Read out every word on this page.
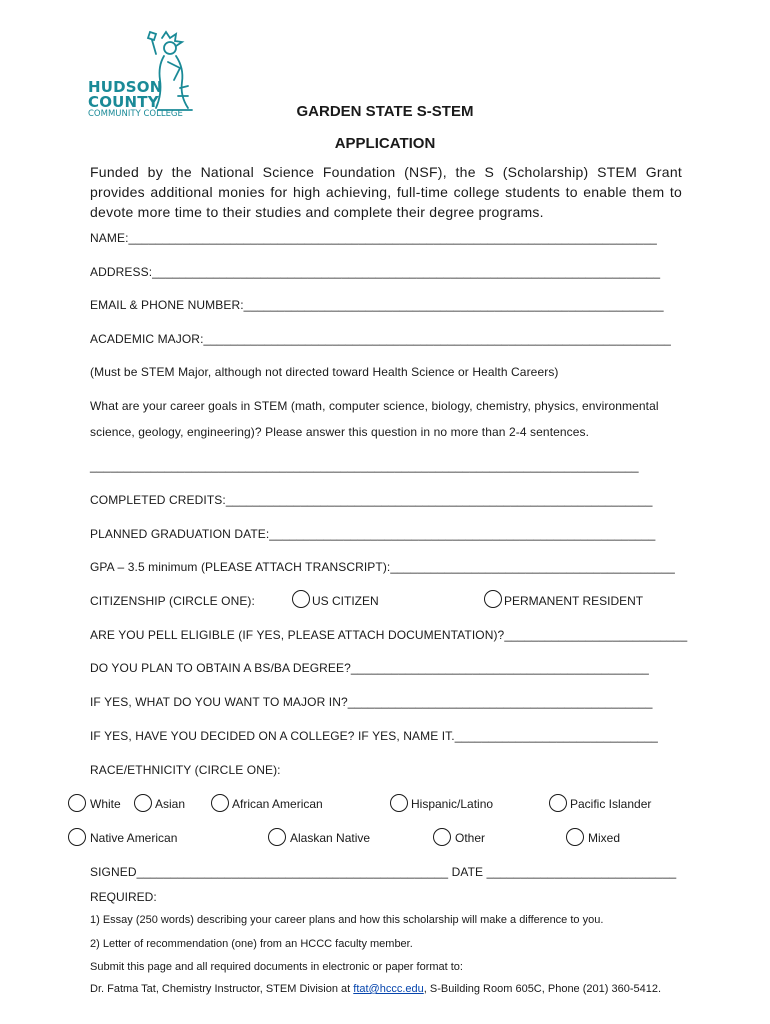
HUDSON
COUNTY
COMMUNITY COLLEGE	GARDEN STATE S-STEM
APPLICATION
Funded by the National Science Foundation (NSF), the S (Scholarship) STEM Grant provides additional monies for high achieving, full-time college students to enable them to devote more time to their studies and complete their degree programs.
NAME:______________________________________________________________________________
ADDRESS:___________________________________________________________________________
EMAIL & PHONE NUMBER:______________________________________________________________
ACADEMIC MAJOR:_____________________________________________________________________
(Must be STEM Major, although not directed toward Health Science or Health Careers)
What are your career goals in STEM (math, computer science, biology, chemistry, physics, environmental
science, geology, engineering)? Please answer this question in no more than 2-4 sentences.
_________________________________________________________________________________
COMPLETED CREDITS:_______________________________________________________________
PLANNED GRADUATION DATE:_________________________________________________________
GPA – 3.5 minimum (PLEASE ATTACH TRANSCRIPT):__________________________________________
CITIZENSHIP (CIRCLE ONE):	US CITIZEN	PERMANENT RESIDENT
ARE YOU PELL ELIGIBLE (IF YES, PLEASE ATTACH DOCUMENTATION)?___________________________
DO YOU PLAN TO OBTAIN A BS/BA DEGREE?____________________________________________
IF YES, WHAT DO YOU WANT TO MAJOR IN?_____________________________________________
IF YES, HAVE YOU DECIDED ON A COLLEGE? IF YES, NAME IT.______________________________
RACE/ETHNICITY (CIRCLE ONE):
White	Asian	African American	Hispanic/Latino	Pacific Islander
Native American	Alaskan Native	Other	Mixed
SIGNED______________________________________________ DATE ____________________________
REQUIRED:
1) Essay (250 words) describing your career plans and how this scholarship will make a difference to you.
2) Letter of recommendation (one) from an HCCC faculty member.
Submit this page and all required documents in electronic or paper format to:
Dr. Fatma Tat, Chemistry Instructor, STEM Division at ftat@hccc.edu, S-Building Room 605C, Phone (201) 360-5412.
